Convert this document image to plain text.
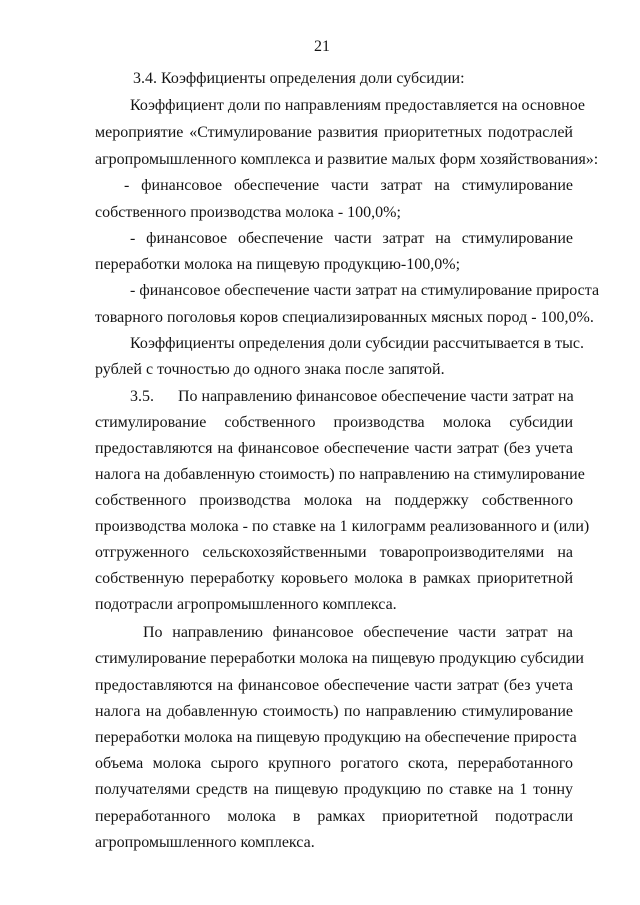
21
3.4. Коэффициенты определения доли субсидии:
Коэффициент доли по направлениям предоставляется на основное
мероприятие «Стимулирование развития приоритетных подотраслей
агропромышленного комплекса и развитие малых форм хозяйствования»:
- финансовое обеспечение части затрат на стимулирование
собственного производства молока - 100,0%;
- финансовое обеспечение части затрат на стимулирование
переработки молока на пищевую продукцию-100,0%;
- финансовое обеспечение части затрат на стимулирование прироста
товарного поголовья коров специализированных мясных пород - 100,0%.
Коэффициенты определения доли субсидии рассчитывается в тыс.
рублей с точностью до одного знака после запятой.
3.5. По направлению финансовое обеспечение части затрат на
стимулирование собственного производства молока субсидии
предоставляются на финансовое обеспечение части затрат (без учета
налога на добавленную стоимость) по направлению на стимулирование
собственного производства молока на поддержку собственного
производства молока - по ставке на 1 килограмм реализованного и (или)
отгруженного сельскохозяйственными товаропроизводителями на
собственную переработку коровьего молока в рамках приоритетной
подотрасли агропромышленного комплекса.
По направлению финансовое обеспечение части затрат на
стимулирование переработки молока на пищевую продукцию субсидии
предоставляются на финансовое обеспечение части затрат (без учета
налога на добавленную стоимость) по направлению стимулирование
переработки молока на пищевую продукцию на обеспечение прироста
объема молока сырого крупного рогатого скота, переработанного
получателями средств на пищевую продукцию по ставке на 1 тонну
переработанного молока в рамках приоритетной подотрасли
агропромышленного комплекса.
